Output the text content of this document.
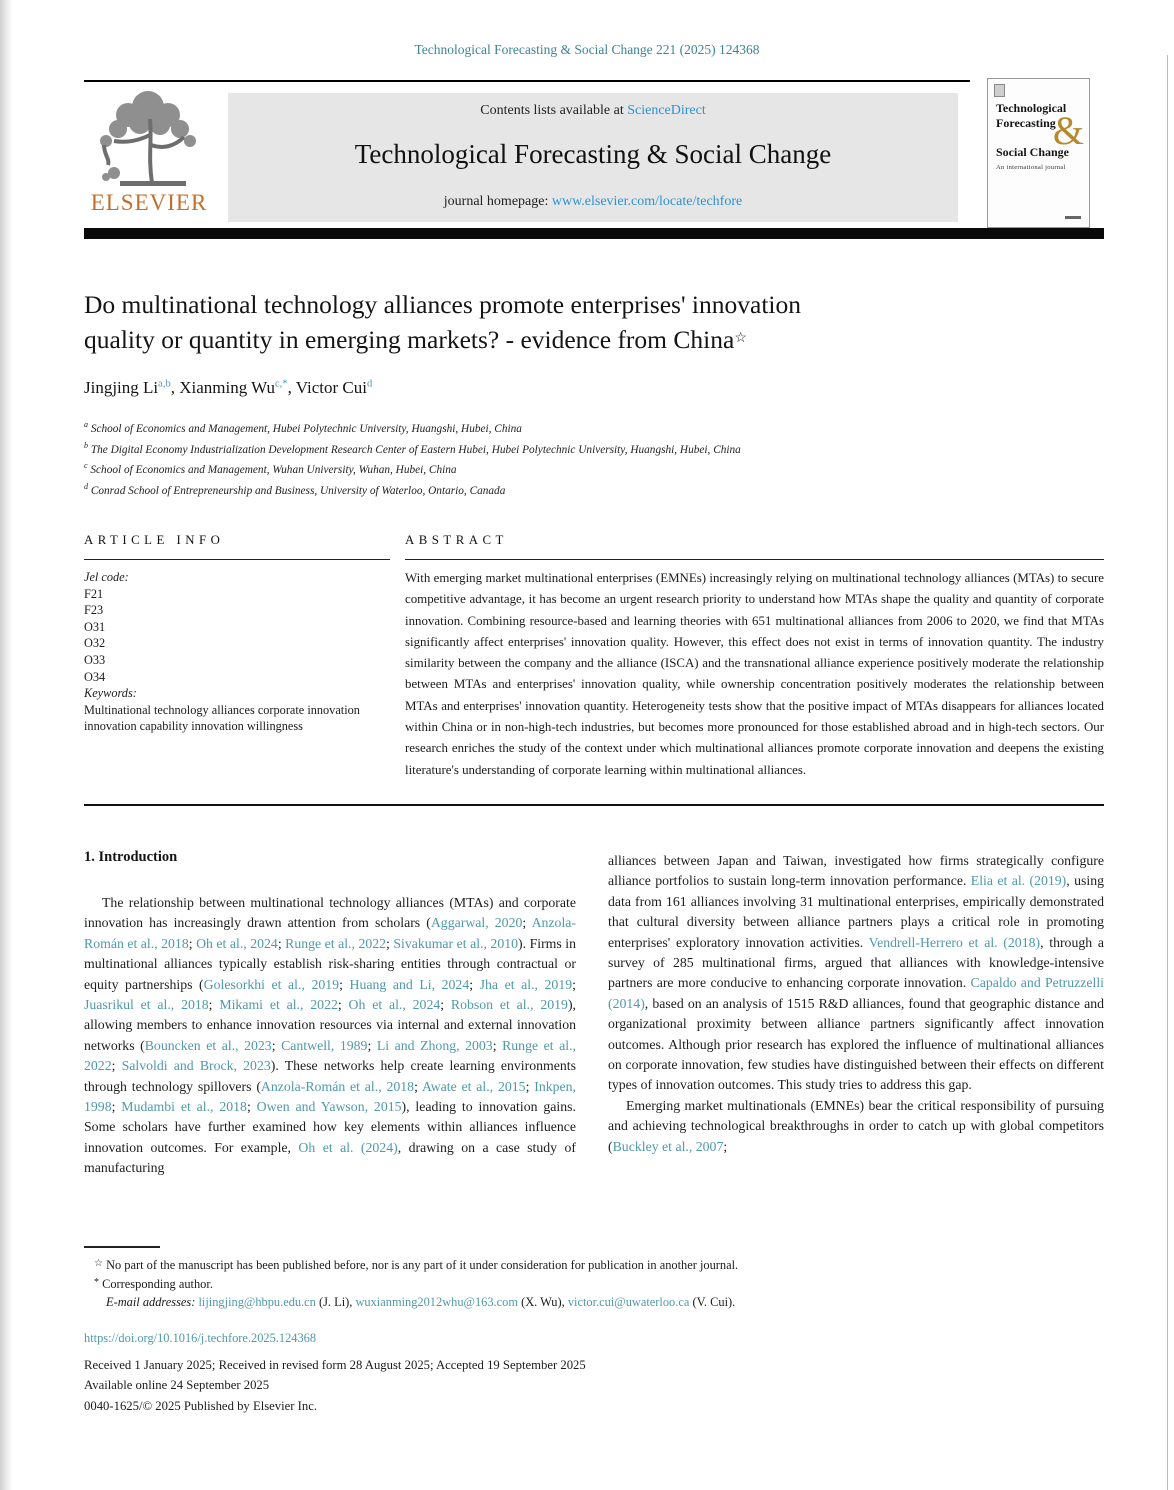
Technological Forecasting & Social Change 221 (2025) 124368
ELSEVIER
Contents lists available at ScienceDirect
Technological Forecasting & Social Change
journal homepage: www.elsevier.com/locate/techfore
Technological
Forecasting
&
Social Change
An international journal
Do multinational technology alliances promote enterprises' innovation
quality or quantity in emerging markets? - evidence from China☆
Jingjing Li$^{a,b}$, Xianming $Wu^{c,*}$, Victor Cui$^d$
$^a$ School of Economics and Management, Hubei Polytechnic University, Huangshi, Hubei, China
$^b$ The Digital Economy Industrialization Development Research Center of Eastern Hubei, Hubei Polytechnic University, Huangshi, Hubei, China
$^c$ School of Economics and Management, Wuhan University, Wuhan, Hubei, China
$^d$ Conrad School of Entrepreneurship and Business, University of Waterloo, Ontario, Canada
ARTICLE INFO
Jel code:
F21
F23
O31
O32
O33
O34
Keywords:
Multinational technology alliances corporate innovation innovation capability innovation willingness
ABSTRACT
With emerging market multinational enterprises (EMNEs) increasingly relying on multinational technology alliances (MTAs) to secure competitive advantage, it has become an urgent research priority to understand how MTAs shape the quality and quantity of corporate innovation. Combining resource-based and learning theories with 651 multinational alliances from 2006 to 2020, we find that MTAs significantly affect enterprises' innovation quality. However, this effect does not exist in terms of innovation quantity. The industry similarity between the company and the alliance (ISCA) and the transnational alliance experience positively moderate the relationship between MTAs and enterprises' innovation quality, while ownership concentration positively moderates the relationship between MTAs and enterprises' innovation quantity. Heterogeneity tests show that the positive impact of MTAs disappears for alliances located within China or in non-high-tech industries, but becomes more pronounced for those established abroad and in high-tech sectors. Our research enriches the study of the context under which multinational alliances promote corporate innovation and deepens the existing literature's understanding of corporate learning within multinational alliances.
1. Introduction

The relationship between multinational technology alliances (MTAs) and corporate innovation has increasingly drawn attention from scholars (Aggarwal, 2020; Anzola-Román et al., 2018; Oh et al., 2024; Runge et al., 2022; Sivakumar et al., 2010). Firms in multinational alliances typically establish risk-sharing entities through contractual or equity partnerships (Golesorkhi et al., 2019; Huang and Li, 2024; Jha et al., 2019; Juasrikul et al., 2018; Mikami et al., 2022; Oh et al., 2024; Robson et al., 2019), allowing members to enhance innovation resources via internal and external innovation networks (Bouncken et al., 2023; Cantwell, 1989; Li and Zhong, 2003; Runge et al., 2022; Salvoldi and Brock, 2023). These networks help create learning environments through technology spillovers (Anzola-Román et al., 2018; Awate et al., 2015; Inkpen, 1998; Mudambi et al., 2018; Owen and Yawson, 2015), leading to innovation gains. Some scholars have further examined how key elements within alliances influence innovation outcomes. For example, Oh et al. (2024), drawing on a case study of manufacturing

alliances between Japan and Taiwan, investigated how firms strategically configure alliance portfolios to sustain long-term innovation performance. Elia et al. (2019), using data from 161 alliances involving 31 multinational enterprises, empirically demonstrated that cultural diversity between alliance partners plays a critical role in promoting enterprises' exploratory innovation activities. Vendrell-Herrero et al. (2018), through a survey of 285 multinational firms, argued that alliances with knowledge-intensive partners are more conducive to enhancing corporate innovation. Capaldo and Petruzzelli (2014), based on an analysis of 1515 R&D alliances, found that geographic distance and organizational proximity between alliance partners significantly affect innovation outcomes. Although prior research has explored the influence of multinational alliances on corporate innovation, few studies have distinguished between their effects on different types of innovation outcomes. This study tries to address this gap.

Emerging market multinationals (EMNEs) bear the critical responsibility of pursuing and achieving technological breakthroughs in order to catch up with global competitors (Buckley et al., 2007;

☆ No part of the manuscript has been published before, nor is any part of it under consideration for publication in another journal.
* Corresponding author.
E-mail addresses: lijingjing@hbpu.edu.cn (J. Li), wuxianming2012whu@163.com (X. Wu), victor.cui@uwaterloo.ca (V. Cui).
https://doi.org/10.1016/j.techfore.2025.124368
Received 1 January 2025; Received in revised form 28 August 2025; Accepted 19 September 2025
Available online 24 September 2025
0040-1625/© 2025 Published by Elsevier Inc.
